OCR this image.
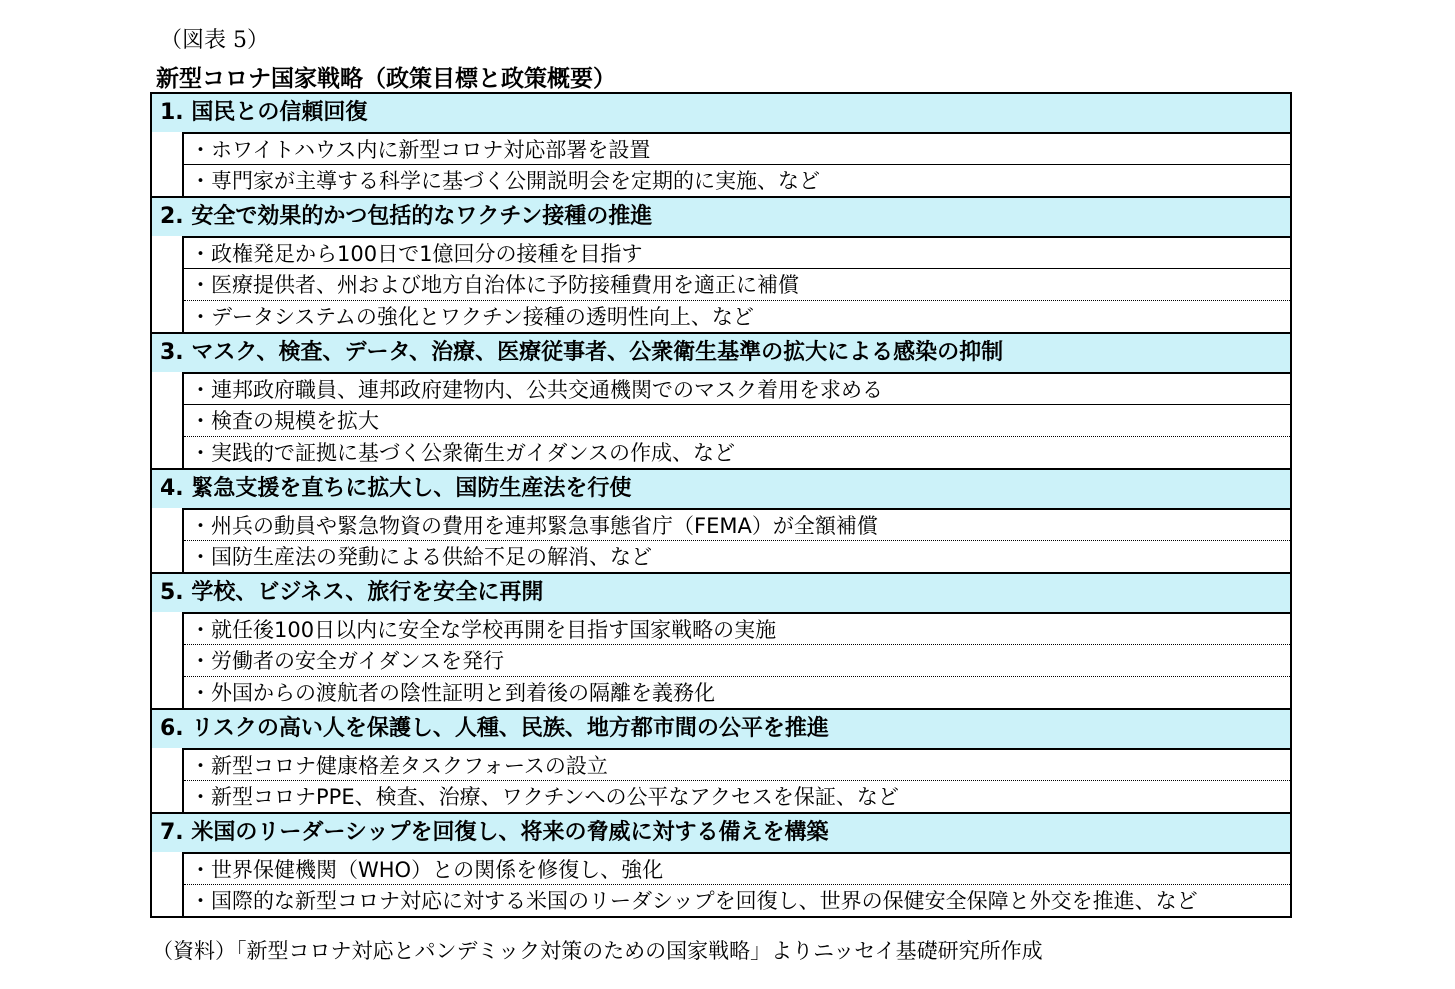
（図表 5）
新型コロナ国家戦略（政策目標と政策概要）
1. 国民との信頼回復
・ホワイトハウス内に新型コロナ対応部署を設置
・専門家が主導する科学に基づく公開説明会を定期的に実施、など
2. 安全で効果的かつ包括的なワクチン接種の推進
・政権発足から100日で1億回分の接種を目指す
・医療提供者、州および地方自治体に予防接種費用を適正に補償
・データシステムの強化とワクチン接種の透明性向上、など
3. マスク、検査、データ、治療、医療従事者、公衆衛生基準の拡大による感染の抑制
・連邦政府職員、連邦政府建物内、公共交通機関でのマスク着用を求める
・検査の規模を拡大
・実践的で証拠に基づく公衆衛生ガイダンスの作成、など
4. 緊急支援を直ちに拡大し、国防生産法を行使
・州兵の動員や緊急物資の費用を連邦緊急事態省庁（FEMA）が全額補償
・国防生産法の発動による供給不足の解消、など
5. 学校、ビジネス、旅行を安全に再開
・就任後100日以内に安全な学校再開を目指す国家戦略の実施
・労働者の安全ガイダンスを発行
・外国からの渡航者の陰性証明と到着後の隔離を義務化
6. リスクの高い人を保護し、人種、民族、地方都市間の公平を推進
・新型コロナ健康格差タスクフォースの設立
・新型コロナPPE、検査、治療、ワクチンへの公平なアクセスを保証、など
7. 米国のリーダーシップを回復し、将来の脅威に対する備えを構築
・世界保健機関（WHO）との関係を修復し、強化
・国際的な新型コロナ対応に対する米国のリーダシップを回復し、世界の保健安全保障と外交を推進、など
（資料）「新型コロナ対応とパンデミック対策のための国家戦略」よりニッセイ基礎研究所作成
